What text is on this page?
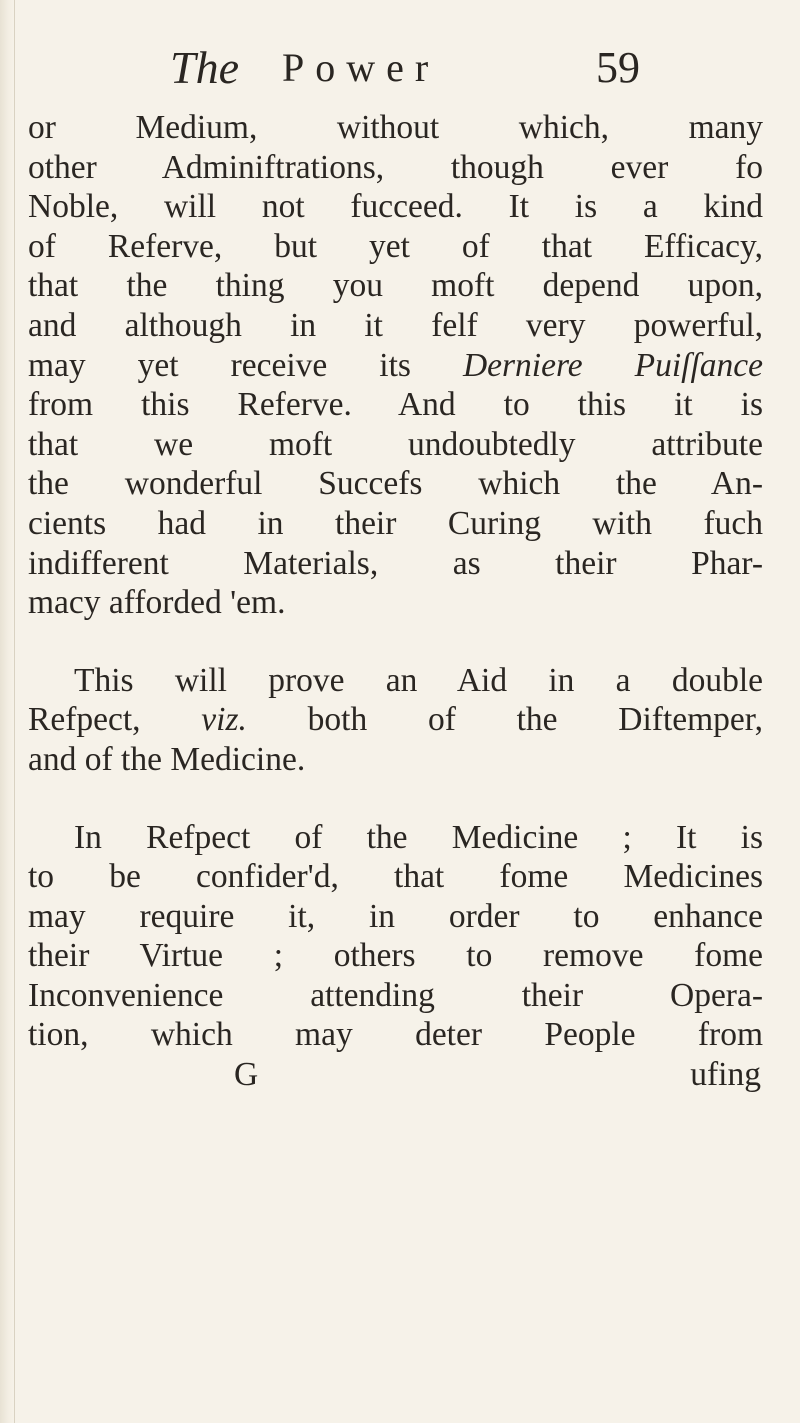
The Power	59
or Medium, without which, many
other Adminiftrations, though ever fo
Noble, will not fucceed. It is a kind
of Referve, but yet of that Efficacy,
that the thing you moft depend upon,
and although in it felf very powerful,
may yet receive its Derniere Puiſſance
from this Referve. And to this it is
that we moft undoubtedly attribute
the wonderful Succefs which the An-
cients had in their Curing with fuch
indifferent Materials, as their Phar-
macy afforded 'em.
This will prove an Aid in a double
Refpect, viz. both of the Diftemper,
and of the Medicine.
In Refpect of the Medicine ; It is
to be confider'd, that fome Medicines
may require it, in order to enhance
their Virtue ; others to remove fome
Inconvenience attending their Opera-
tion, which may deter People from
G	ufing
